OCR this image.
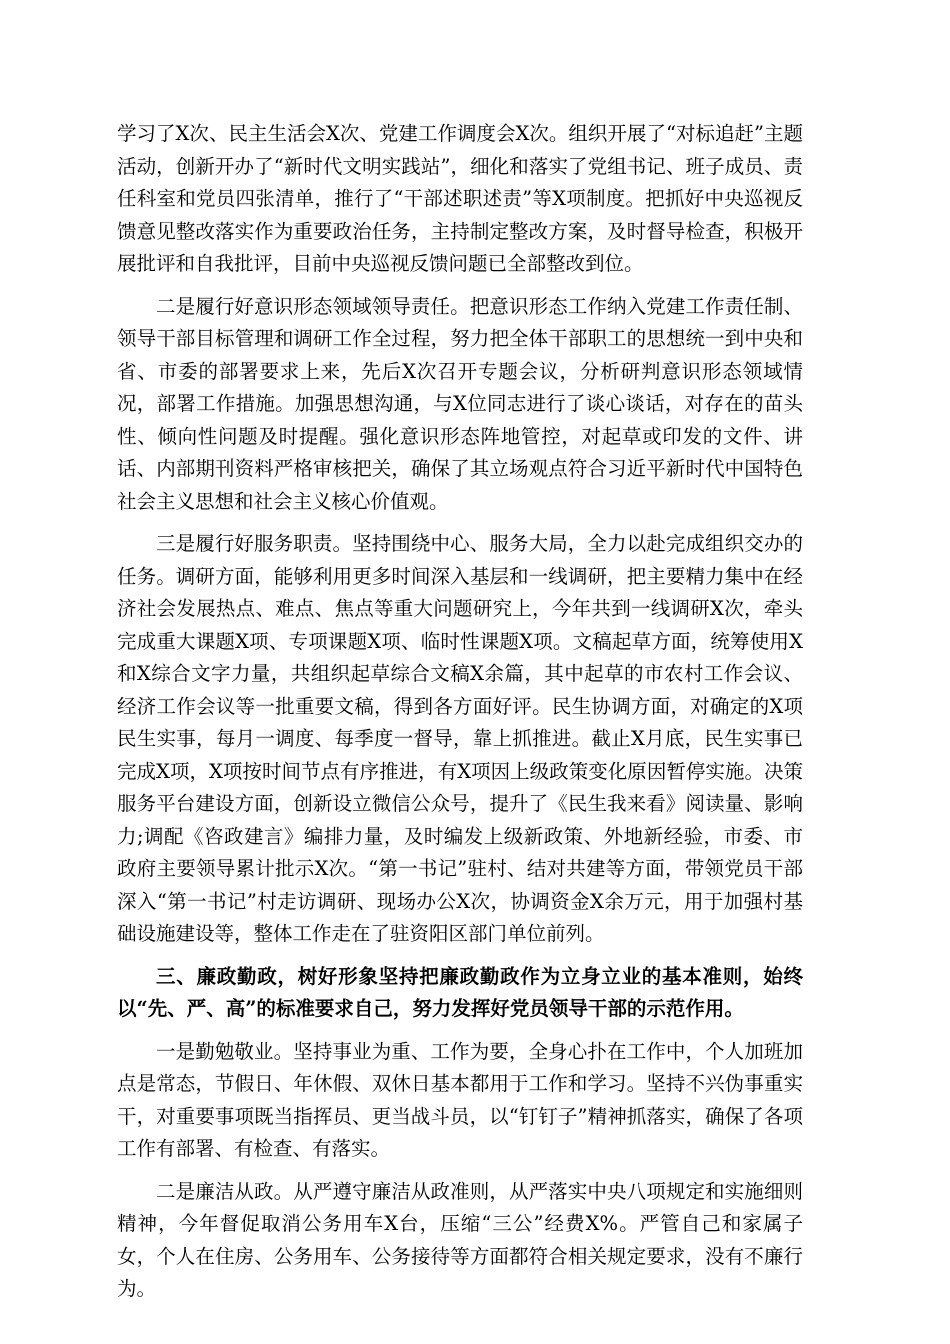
学习了X次、民主生活会X次、党建工作调度会X次。组织开展了“对标追赶”主题活动，创新开办了“新时代文明实践站”，细化和落实了党组书记、班子成员、责任科室和党员四张清单，推行了“干部述职述责”等X项制度。把抓好中央巡视反馈意见整改落实作为重要政治任务，主持制定整改方案，及时督导检查，积极开展批评和自我批评，目前中央巡视反馈问题已全部整改到位。

二是履行好意识形态领域领导责任。把意识形态工作纳入党建工作责任制、领导干部目标管理和调研工作全过程，努力把全体干部职工的思想统一到中央和省、市委的部署要求上来，先后X次召开专题会议，分析研判意识形态领域情况，部署工作措施。加强思想沟通，与X位同志进行了谈心谈话，对存在的苗头性、倾向性问题及时提醒。强化意识形态阵地管控，对起草或印发的文件、讲话、内部期刊资料严格审核把关，确保了其立场观点符合习近平新时代中国特色社会主义思想和社会主义核心价值观。

三是履行好服务职责。坚持围绕中心、服务大局，全力以赴完成组织交办的任务。调研方面，能够利用更多时间深入基层和一线调研，把主要精力集中在经济社会发展热点、难点、焦点等重大问题研究上，今年共到一线调研X次，牵头完成重大课题X项、专项课题X项、临时性课题X项。文稿起草方面，统筹使用X和X综合文字力量，共组织起草综合文稿X余篇，其中起草的市农村工作会议、经济工作会议等一批重要文稿，得到各方面好评。民生协调方面，对确定的X项民生实事，每月一调度、每季度一督导，靠上抓推进。截止X月底，民生实事已完成X项，X项按时间节点有序推进，有X项因上级政策变化原因暂停实施。决策服务平台建设方面，创新设立微信公众号，提升了《民生我来看》阅读量、影响力;调配《咨政建言》编排力量，及时编发上级新政策、外地新经验，市委、市政府主要领导累计批示X次。“第一书记”驻村、结对共建等方面，带领党员干部深入“第一书记”村走访调研、现场办公X次，协调资金X余万元，用于加强村基础设施建设等，整体工作走在了驻资阳区部门单位前列。

三、廉政勤政，树好形象坚持把廉政勤政作为立身立业的基本准则，始终以“先、严、高”的标准要求自己，努力发挥好党员领导干部的示范作用。

一是勤勉敬业。坚持事业为重、工作为要，全身心扑在工作中，个人加班加点是常态，节假日、年休假、双休日基本都用于工作和学习。坚持不兴伪事重实干，对重要事项既当指挥员、更当战斗员，以“钉钉子”精神抓落实，确保了各项工作有部署、有检查、有落实。

二是廉洁从政。从严遵守廉洁从政准则，从严落实中央八项规定和实施细则精神，今年督促取消公务用车X台，压缩“三公”经费X%。严管自己和家属子女，个人在住房、公务用车、公务接待等方面都符合相关规定要求，没有不廉行为。
